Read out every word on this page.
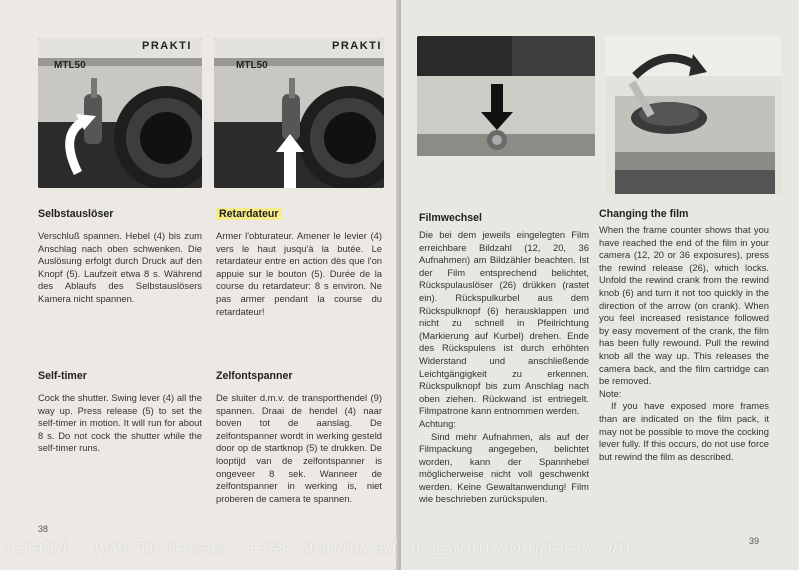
PRAKTI
MTL50
PRAKTI
MTL50
Selbstauslöser

Verschluß spannen. Hebel (4) bis zum Anschlag nach oben schwenken. Die Auslösung erfolgt durch Druck auf den Knopf (5). Laufzeit etwa 8 s. Während des Ablaufs des Selbstauslösers Kamera nicht spannen.

Retardateur

Armer l'obturateur. Amener le levier (4) vers le haut jusqu'à la butée. Le retardateur entre en action dès que l'on appuie sur le bouton (5). Durée de la course du retardateur: 8 s environ. Ne pas armer pendant la course du retardateur!

Self-timer

Cock the shutter. Swing lever (4) all the way up. Press release (5) to set the self-timer in motion. It will run for about 8 s. Do not cock the shutter while the self-timer runs.

Zelfontspanner

De sluiter d.m.v. de transporthendel (9) spannen. Draai de hendel (4) naar boven tot de aanslag. De zelfontspanner wordt in werking gesteld door op de startknop (5) te drukken. De looptijd van de zelfontspanner is ongeveer 8 sek. Wanneer de zelfontspanner in werking is, niet proberen de camera te spannen.

38
Filmwechsel

Die bei dem jeweils eingelegten Film erreichbare Bildzahl (12, 20, 36 Aufnahmen) am Bildzähler beachten. Ist der Film entsprechend belichtet, Rückspulauslöser (26) drükken (rastet ein). Rückspulkurbel aus dem Rückspulknopf (6) herausklappen und nicht zu schnell in Pfeilrichtung (Markierung auf Kurbel) drehen. Ende des Rückspulens ist durch erhöhten Widerstand und anschließende Leichtgängigkeit zu erkennen. Rückspulknopf bis zum Anschlag nach oben ziehen. Rückwand ist entriegelt. Filmpatrone kann entnommen werden.

Achtung:

Sind mehr Aufnahmen, als auf der Filmpackung angegeben, belichtet worden, kann der Spannhebel möglicherweise nicht voll geschwenkt werden. Keine Gewaltanwendung! Film wie beschrieben zurückspulen.

Changing the film

When the frame counter shows that you have reached the end of the film in your camera (12, 20 or 36 exposures), press the rewind release (26), which locks. Unfold the rewind crank from the rewind knob (6) and turn it not too quickly in the direction of the arrow (on crank). When you feel increased resistance followed by easy movement of the crank, the film has been fully rewound. Pull the rewind knob all the way up. This releases the camera back, and the film cartridge can be removed.

Note:

If you have exposed more frames than are indicated on the film pack, it may not be possible to move the cocking lever fully. If this occurs, do not use force but rewind the film as described.

39
Gratuit - Not for resale - Free download at 35mm-compact.com
